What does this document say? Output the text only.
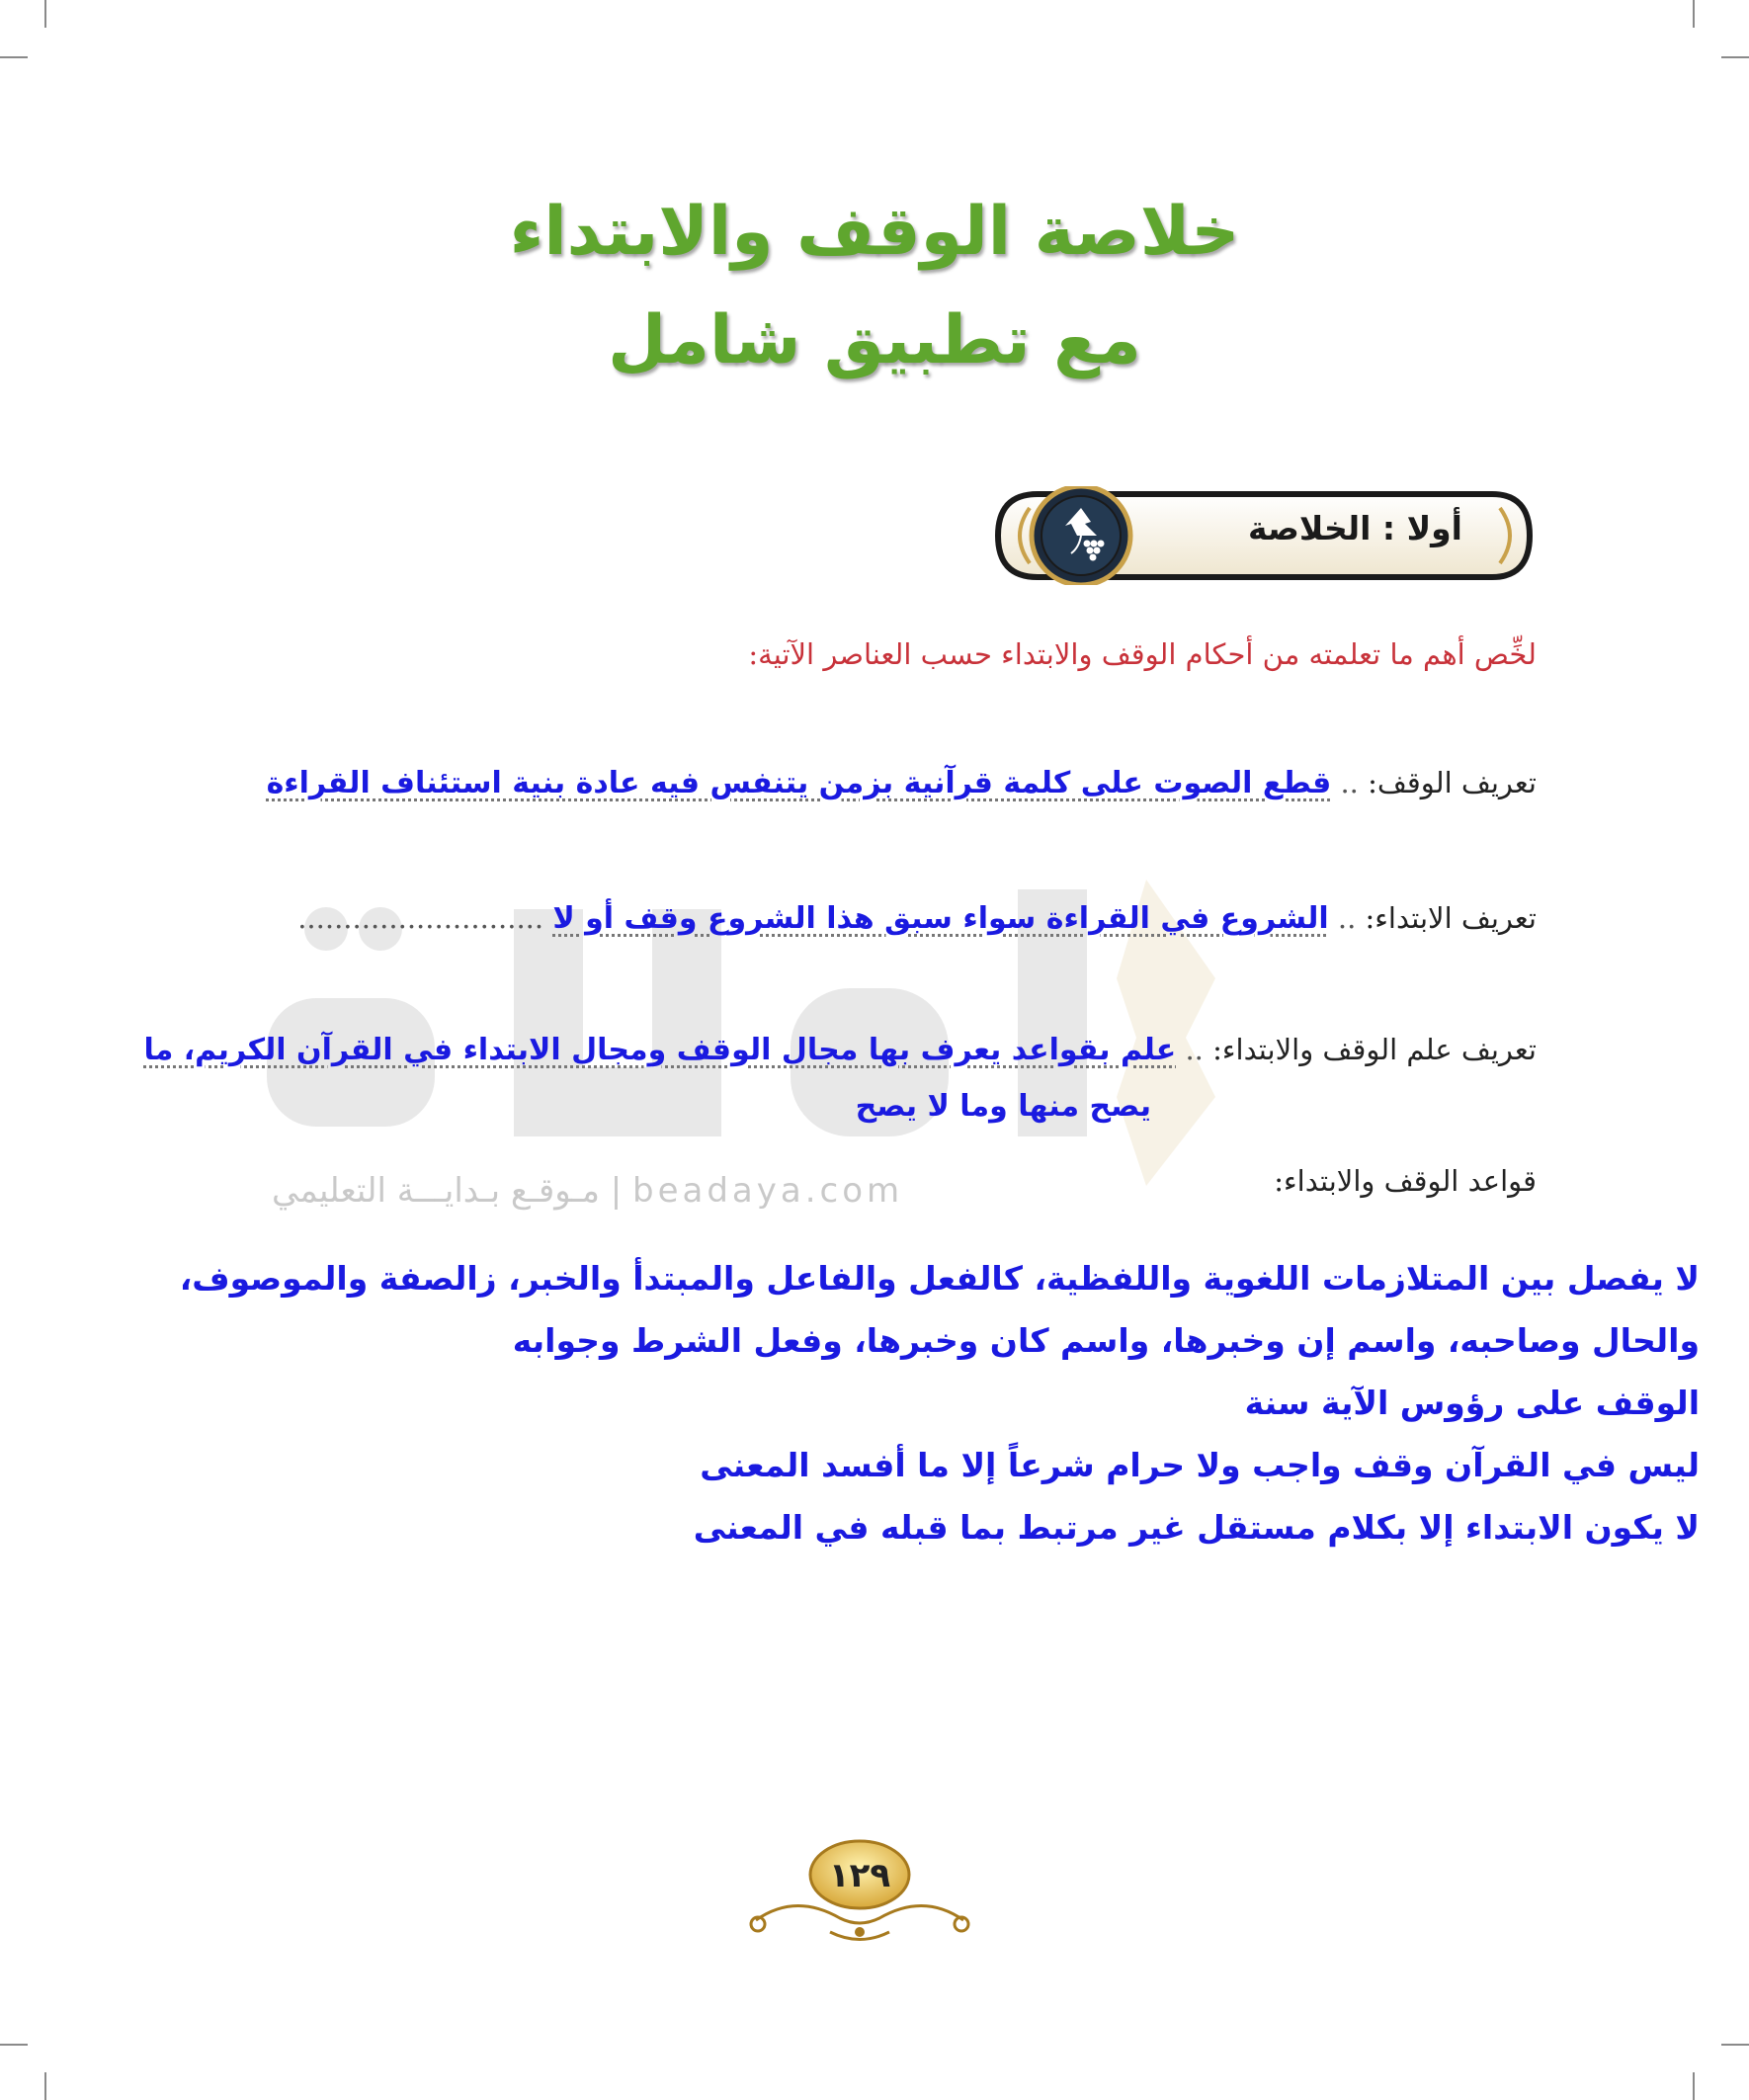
مـوقـع بـدايـــة التعليمي | beadaya.com
خلاصة الوقف والابتداء
مع تطبيق شامل
أولا : الخلاصة
لخِّص أهم ما تعلمته من أحكام الوقف والابتداء حسب العناصر الآتية:
تعريف الوقف: .. قطع الصوت على كلمة قرآنية بزمن يتنفس فيه عادة بنية استئناف القراءة
تعريف الابتداء: .. الشروع في القراءة سواء سبق هذا الشروع وقف أو لا ...........................
تعريف علم الوقف والابتداء: .. علم بقواعد يعرف بها مجال الوقف ومجال الابتداء في القرآن الكريم، ما
يصح منها وما لا يصح
قواعد الوقف والابتداء:
لا يفصل بين المتلازمات اللغوية واللفظية، كالفعل والفاعل والمبتدأ والخبر، زالصفة والموصوف،
والحال وصاحبه، واسم إن وخبرها، واسم كان وخبرها، وفعل الشرط وجوابه
الوقف على رؤوس الآية سنة
ليس في القرآن وقف واجب ولا حرام شرعاً إلا ما أفسد المعنى
لا يكون الابتداء إلا بكلام مستقل غير مرتبط بما قبله في المعنى
١٢٩
